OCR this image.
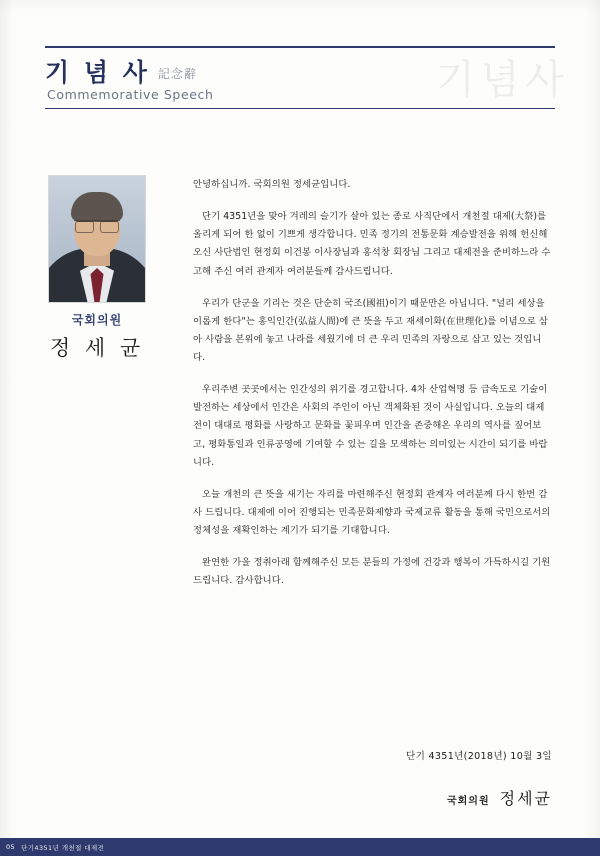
기념사
기 념 사 記念辭
Commemorative Speech
국회의원
정 세 균

안녕하십니까. 국회의원 정세균입니다.

단기 4351년을 맞아 겨레의 슬기가 살아 있는 종로 사직단에서 개천절 대제(大祭)를 올리게 되어 한 없이 기쁘게 생각합니다. 민족 정기의 전통문화 계승발전을 위해 헌신해 오신 사단법인 현정회 이건봉 이사장님과 홍석창 회장님 그리고 대제전을 준비하느라 수고해 주신 여러 관계자 여러분들께 감사드립니다.

우리가 단군을 기리는 것은 단순히 국조(國祖)이기 때문만은 아닙니다. "널리 세상을 이롭게 한다"는 홍익인간(弘益人間)에 큰 뜻을 두고 재세이화(在世理化)를 이념으로 삼아 사람을 본위에 놓고 나라를 세웠기에 더 큰 우리 민족의 자랑으로 삼고 있는 것입니다.

우리주변 곳곳에서는 인간성의 위기를 경고합니다. 4차 산업혁명 등 급속도로 기술이 발전하는 세상에서 인간은 사회의 주인이 아닌 객체화된 것이 사실입니다. 오늘의 대제전이 대대로 평화를 사랑하고 문화를 꽃피우며 인간을 존중해온 우리의 역사를 짚어보고, 평화통일과 인류공영에 기여할 수 있는 길을 모색하는 의미있는 시간이 되기를 바랍니다.

오늘 개천의 큰 뜻을 새기는 자리를 마련해주신 현정회 관계자 여러분께 다시 한번 감사 드립니다. 대제에 이어 진행되는 민족문화제향과 국제교류 활동을 통해 국민으로서의 정체성을 재확인하는 계기가 되기를 기대합니다.

완연한 가을 정취아래 함께해주신 모든 분들의 가정에 건강과 행복이 가득하시길 기원드립니다. 감사합니다.

단기 4351년(2018년) 10월 3일
국회의원 정세균
05 단기4351년 개천절 대제전
